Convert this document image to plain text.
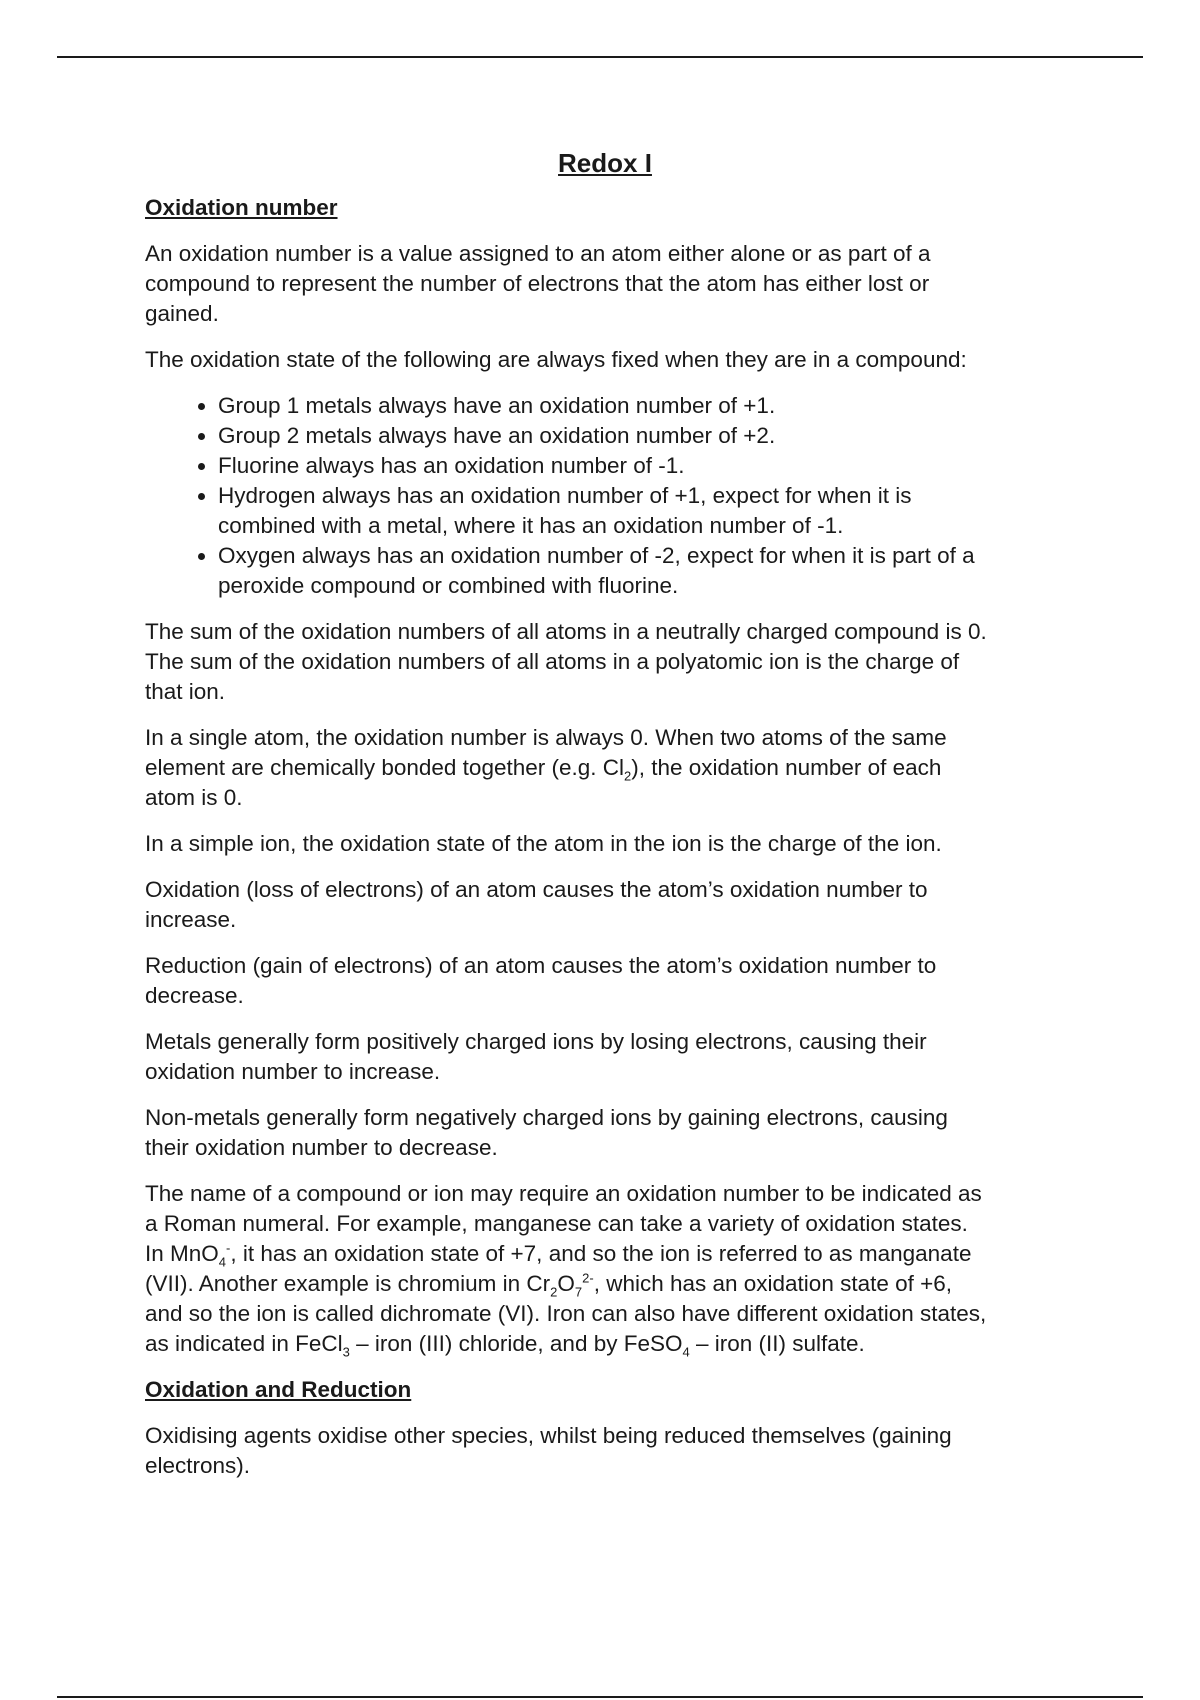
Redox I
Oxidation number

An oxidation number is a value assigned to an atom either alone or as part of a
compound to represent the number of electrons that the atom has either lost or
gained.

The oxidation state of the following are always fixed when they are in a compound:

• Group 1 metals always have an oxidation number of +1.
• Group 2 metals always have an oxidation number of +2.
• Fluorine always has an oxidation number of -1.
• Hydrogen always has an oxidation number of +1, expect for when it is
combined with a metal, where it has an oxidation number of -1.
• Oxygen always has an oxidation number of -2, expect for when it is part of a
peroxide compound or combined with fluorine.

The sum of the oxidation numbers of all atoms in a neutrally charged compound is 0.
The sum of the oxidation numbers of all atoms in a polyatomic ion is the charge of
that ion.

In a single atom, the oxidation number is always 0. When two atoms of the same
element are chemically bonded together (e.g. $Cl_2$), the oxidation number of each
atom is 0.

In a simple ion, the oxidation state of the atom in the ion is the charge of the ion.

Oxidation (loss of electrons) of an atom causes the atom’s oxidation number to
increase.

Reduction (gain of electrons) of an atom causes the atom’s oxidation number to
decrease.

Metals generally form positively charged ions by losing electrons, causing their
oxidation number to increase.

Non-metals generally form negatively charged ions by gaining electrons, causing
their oxidation number to decrease.

The name of a compound or ion may require an oxidation number to be indicated as
a Roman numeral. For example, manganese can take a variety of oxidation states.
In MnO$_4$-, it has an oxidation state of +7, and so the ion is referred to as manganate
(VII). Another example is chromium in $Cr_2O_7^{2-}$, which has an oxidation state of +6,
and so the ion is called dichromate (VI). Iron can also have different oxidation states,
as indicated in FeCl$_3$ – iron (III) chloride, and by FeSO$_4$ – iron (II) sulfate.

Oxidation and Reduction

Oxidising agents oxidise other species, whilst being reduced themselves (gaining
electrons).
